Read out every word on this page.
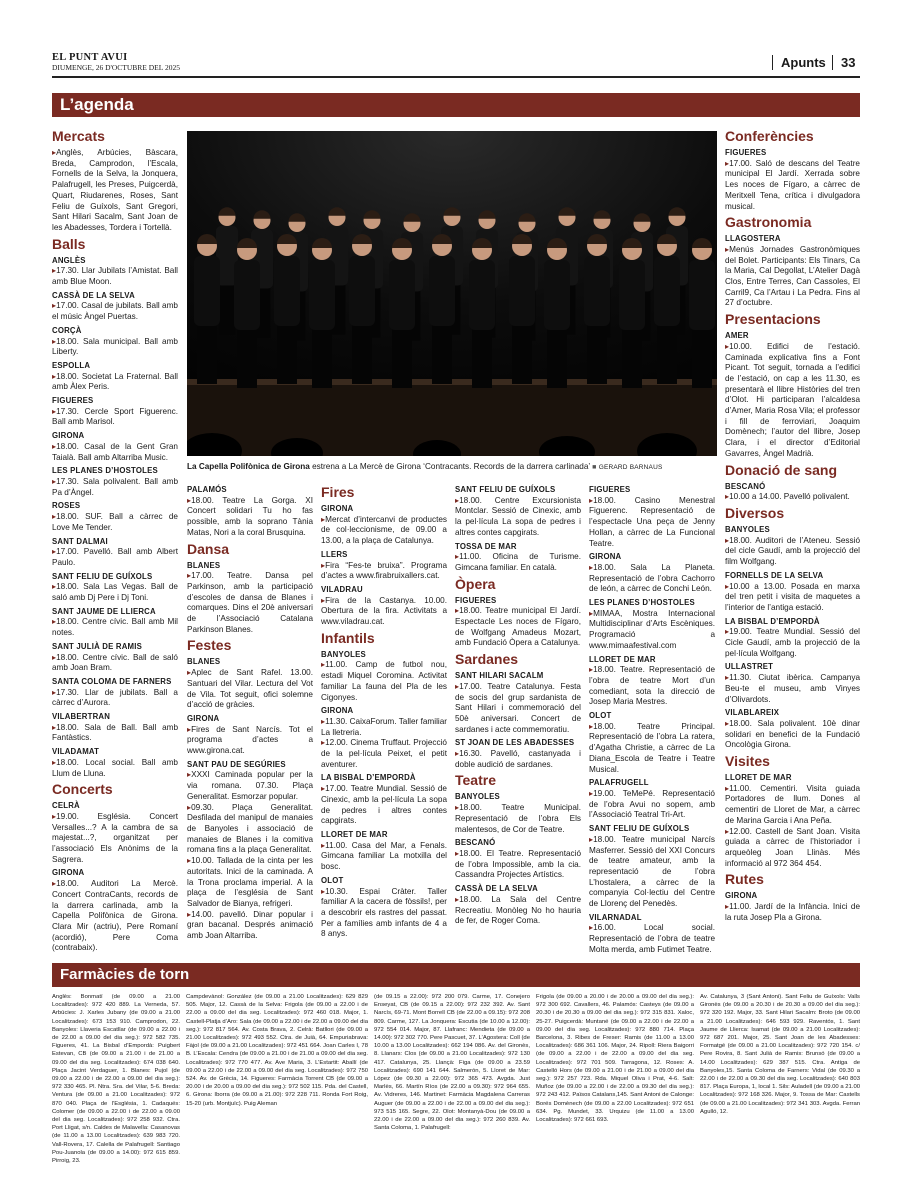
EL PUNT AVUI
DIUMENGE, 26 D'OCTUBRE DEL 2025	Apunts	33
L’agenda
La Capella Polifònica de Girona estrena a La Mercè de Girona ‘Contracants. Records de la darrera carlinada’ ■ GERARD BARNAUS
Mercats
▸ Anglès, Arbúcies, Bàscara, Breda, Camprodon, l’Escala, Fornells de la Selva, la Jonquera, Palafrugell, les Preses, Puigcerdà, Quart, Riudarenes, Roses, Sant Feliu de Guíxols, Sant Gregori, Sant Hilari Sacalm, Sant Joan de les Abadesses, Tordera i Tortellà.
Balls
ANGLÈS
▸ 17.30. Llar Jubilats l’Amistat. Ball amb Blue Moon.
CASSÀ DE LA SELVA
▸ 17.00. Casal de jubilats. Ball amb el músic Àngel Puertas.
CORÇÀ
▸ 18.00. Sala municipal. Ball amb Liberty.
ESPOLLA
▸ 18.00. Societat La Fraternal. Ball amb Àlex Peris.
FIGUERES
▸ 17.30. Cercle Sport Figuerenc. Ball amb Marisol.
GIRONA
▸ 18.00. Casal de la Gent Gran Taialà. Ball amb Altarriba Music.
LES PLANES D’HOSTOLES
▸ 17.30. Sala polivalent. Ball amb Pa d’Àngel.
ROSES
▸ 18.00. SUF. Ball a càrrec de Love Me Tender.
SANT DALMAI
▸ 17.00. Pavelló. Ball amb Albert Paulo.
SANT FELIU DE GUÍXOLS
▸ 18.00. Sala Las Vegas. Ball de saló amb Dj Pere i Dj Toni.
SANT JAUME DE LLIERCA
▸ 18.00. Centre cívic. Ball amb Mil notes.
SANT JULIÀ DE RAMIS
▸ 18.00. Centre cívic. Ball de saló amb Joan Bram.
SANTA COLOMA DE FARNERS
▸ 17.30. Llar de jubilats. Ball a càrrec d’Aurora.
VILABERTRAN
▸ 18.00. Sala de Ball. Ball amb Fantàstics.
VILADAMAT
▸ 18.00. Local social. Ball amb Llum de Lluna.
Concerts
CELRÀ
▸ 19.00. Església. Concert Versalles...? A la cambra de sa majestat...?, organitzat per l’associació Els Anònims de la Sagrera.
GIRONA
▸ 18.00. Auditori La Mercè. Concert ContraCants, records de la darrera carlinada, amb la Capella Polifònica de Girona. Clara Mir (actriu), Pere Romaní (acordió), Pere Coma (contrabaix).
PALAMÓS
▸ 18.00. Teatre La Gorga. XI Concert solidari Tu ho fas possible, amb la soprano Tània Matas, Nori a la coral Brusquina.
Dansa
BLANES
▸ 17.00. Teatre. Dansa pel Parkinson, amb la participació d’escoles de dansa de Blanes i comarques. Dins el 20è aniversari de l’Associació Catalana Parkinson Blanes.
Festes
BLANES
▸ Aplec de Sant Rafel. 13.00. Santuari del Vilar. Lectura del Vot de Vila. Tot seguit, ofici solemne d’acció de gràcies.
GIRONA
▸ Fires de Sant Narcís. Tot el programa d’actes a www.girona.cat.
SANT PAU DE SEGÚRIES
▸ XXXI Caminada popular per la via romana. 07.30. Plaça Generalitat. Esmorzar popular.
▸ 09.30. Plaça Generalitat. Desfilada del manipul de manaies de Banyoles i associació de manaies de Blanes i la comitiva romana fins a la plaça Generalitat.
▸ 10.00. Talladа de la cinta per les autoritats. Inici de la caminada. A la Trona proclama imperial. A la plaça de l’església de Sant Salvador de Bianya, refrigeri.
▸ 14.00. pavelló. Dinar popular i gran bacanal. Després animació amb Joan Altarriba.
Fires
GIRONA
▸ Mercat d’intercanvi de productes de col·leccionisme, de 09.00 a 13.00, a la plaça de Catalunya.
LLERS
▸ Fira “Fes-te bruixa”. Programa d’actes a www.firabruixallers.cat.
VILADRAU
▸ Fira de la Castanya. 10.00. Obertura de la fira. Activitats a www.viladrau.cat.
Infantils
BANYOLES
▸ 11.00. Camp de futbol nou, estadi Miquel Coromina. Activitat familiar La fauna del Pla de les Cigonyes.
GIRONA
▸ 11.30. CaixaForum. Taller familiar La lletreria.
▸ 12.00. Cinema Truffaut. Projecció de la pel·lícula Peixet, el petit aventurer.
LA BISBAL D’EMPORDÀ
▸ 17.00. Teatre Mundial. Sessió de Cinexic, amb la pel·lícula La sopa de pedres i altres contes capgirats.
LLORET DE MAR
▸ 11.00. Casa del Mar, a Fenals. Gimcana familiar La motxilla del bosc.
OLOT
▸ 10.30. Espai Cràter. Taller familiar A la cacera de fòssils!, per a descobrir els rastres del passat. Per a famílies amb infants de 4 a 8 anys.
SANT FELIU DE GUÍXOLS
▸ 18.00. Centre Excursionista Montclar. Sessió de Cinexic, amb la pel·lícula La sopa de pedres i altres contes capgirats.
TOSSA DE MAR
▸ 11.00. Oficina de Turisme. Gimcana familiar. En català.
Òpera
FIGUERES
▸ 18.00. Teatre municipal El Jardí. Espectacle Les noces de Fígaro, de Wolfgang Amadeus Mozart, amb Fundació Òpera a Catalunya.
Sardanes
SANT HILARI SACALM
▸ 17.00. Teatre Catalunya. Festa de socis del grup sardanista de Sant Hilari i commemoració del 50è aniversari. Concert de sardanes i acte commemoratiu.
ST JOAN DE LES ABADESSES
▸ 16.30. Pavelló, castanyada i doble audició de sardanes.
Teatre
BANYOLES
▸ 18.00. Teatre Municipal. Representació de l’obra Els malentesos, de Cor de Teatre.
BESCANÓ
▸ 18.00. El Teatre. Representació de l’obra Impossible, amb la cia. Cassandra Projectes Artístics.
CASSÀ DE LA SELVA
▸ 18.00. La Sala del Centre Recreatiu. Monòleg No ho hauria de fer, de Roger Coma.
FIGUERES
▸ 18.00. Casino Menestral Figuerenc. Representació de l’espectacle Una peça de Jenny Hollan, a càrrec de La Funcional Teatre.
GIRONA
▸ 18.00. Sala La Planeta. Representació de l’obra Cachorro de león, a càrrec de Conchi León.
LES PLANES D’HOSTOLES
▸ MIMAA, Mostra Internacional Multidisciplinar d’Arts Escèniques. Programació a www.mimaafestival.com
LLORET DE MAR
▸ 18.00. Teatre. Representació de l’obra de teatre Mort d’un comediant, sota la direcció de Josep Maria Mestres.
OLOT
▸ 18.00. Teatre Principal. Representació de l’obra La ratera, d’Agatha Christie, a càrrec de La Diana_Escola de Teatre i Teatre Musical.
PALAFRUGELL
▸ 19.00. TeMePé. Representació de l’obra Avui no sopem, amb l’Associació Teatral Tri-Art.
SANT FELIU DE GUÍXOLS
▸ 18.00. Teatre municipal Narcís Masferrer. Sessió del XXI Concurs de teatre amateur, amb la representació de l’obra L’hostalera, a càrrec de la companyia Col·lectiu del Centre de Llorenç del Penedès.
VILARNADAL
▸ 16.00. Local social. Representació de l’obra de teatre Molta merda, amb Futimet Teatre.
Conferències
FIGUERES
▸ 17.00. Saló de descans del Teatre municipal El Jardí. Xerrada sobre Les noces de Fígaro, a càrrec de Meritxell Tena, crítica i divulgadora musical.
Gastronomia
LLAGOSTERA
▸ Menús Jornades Gastronòmiques del Bolet. Participants: Els Tinars, Ca la Maria, Cal Degollat, L’Atelier Dagà Clos, Entre Terres, Can Cassoles, El Carril9, Ca l’Artau i La Pedra. Fins al 27 d’octubre.
Presentacions
AMER
▸ 10.00. Edifici de l’estació. Caminada explicativa fins a Font Picant. Tot seguit, tornada a l’edifici de l’estació, on cap a les 11.30, es presentarà el llibre Històries del tren d’Olot. Hi participaran l’alcaldesa d’Amer, Maria Rosa Vila; el professor i fill de ferroviari, Joaquim Domènech; l’autor del llibre, Josep Clara, i el director d’Editorial Gavarres, Àngel Madrià.
Donació de sang
BESCANÓ
▸ 10.00 a 14.00. Pavelló polivalent.
Diversos
BANYOLES
▸ 18.00. Auditori de l’Ateneu. Sessió del cicle Gaudí, amb la projecció del film Wolfgang.
FORNELLS DE LA SELVA
▸ 10.00 a 13.00. Posada en marxa del tren petit i visita de maquetes a l’interior de l’antiga estació.
LA BISBAL D’EMPORDÀ
▸ 19.00. Teatre Mundial. Sessió del Cicle Gaudí, amb la projecció de la pel·lícula Wolfgang.
ULLASTRET
▸ 11.30. Ciutat ibèrica. Campanya Beu-te el museu, amb Vinyes d’Olivardots.
VILABLAREIX
▸ 18.00. Sala polivalent. 10è dinar solidari en benefici de la Fundació Oncològia Girona.
Visites
LLORET DE MAR
▸ 11.00. Cementiri. Visita guiada Portadores de llum. Dones al cementiri de Lloret de Mar, a càrrec de Marina Garcia i Ana Peña.
▸ 12.00. Castell de Sant Joan. Visita guiada a càrrec de l’historiador i arqueòleg Joan Llinàs. Més informació al 972 364 454.
Rutes
GIRONA
▸ 11.00. Jardí de la Infància. Inici de la ruta Josep Pla a Girona.
Farmàcies de torn
Anglès: Bonmatí (de 09.00 a 21.00 Localitzades): 972 420 889. La Verneda, 57. Arbúcies: J. Xarles Jubany (de 09.00 a 21.00 Localitzades): 673 153 910. Camprodon, 22. Banyoles: Llaveria Escatllar (de 09.00 a 22.00 i de 22.00 a 09.00 del dia seg.): 972 582 735. Figueres, 41. La Bisbal d’Empordà: Puigbert Estevan, CB (de 09.00 a 21.00 i de 21.00 a 09.00 del dia seg. Localitzades): 674 038 640. Plaça Jacint Verdaguer, 1. Blanes: Pujol (de 09.00 a 22.00 i de 22.00 a 09.00 del dia seg.): 972 330 465. Pl. Ntra. Sra. del Vilar, 5-6. Breda: Ventura (de 09.00 a 21.00 Localitzades): 972 870 040. Plaça de l’Església, 1. Cadaqués: Colomer (de 09.00 a 22.00 i de 22.00 a 09.00 del dia seg. Localitzades): 972 258 932. Ctra. Port Lligat, s/n. Caldes de Malavella: Casanovas (de 11.00 a 13.00 Localitzades): 639 983 720. Vall-Rovera, 17. Calella de Palafrugell: Santiago Pou-Juanola (de 09.00 a 14.00): 972 615 859. Pirroig, 23.
Campdevànol: González (de 09.00 a 21.00 Localitzades): 629 829 505. Major, 12. Cassà de la Selva: Frigola (de 09.00 a 22.00 i de 22.00 a 09.00 del dia seg. Localitzades): 972 460 018. Major, 1. Castell-Platja d’Aro: Sala (de 09.00 a 22.00 i de 22.00 a 09.00 del dia seg.): 972 817 564. Av. Costa Brava, 2. Celrà: Batllori (de 09.00 a 21.00 Localitzades): 972 493 552. Ctra. de Juià, 64. Empuriabrava: Fàjol (de 09.00 a 21.00 Localitzades): 972 451 664. Joan Carles I, 78 B. L’Escala: Cendra (de 09.00 a 21.00 i de 21.00 a 09.00 del dia seg. Localitzades): 972 770 477. Av. Ave Maria, 3. L’Estartit: Aballí (de 09.00 a 22.00 i de 22.00 a 09.00 del dia seg. Localitzades): 972 750 524. Av. de Grècia, 14. Figueres: Farmàcia Torrent CB (de 09.00 a 20.00 i de 20.00 a 09.00 del dia seg.): 972 502 115. Pda. del Castell, 6. Girona: Iborra (de 09.00 a 21.00): 972 228 711. Ronda Fort Roig, 15-20 (urb. Montjuïc). Puig Aleman
(de 09.15 a 22.00): 972 200 079. Carme, 17. Conejero Enseyat, CB (de 09.15 a 22.00): 972 232 392. Av. Sant Narcís, 69-71. Mont Borrell CB (de 22.00 a 09.15): 972 208 809. Carme, 127. La Jonquera: Escutia (de 10.00 a 12.00): 972 554 014. Major, 87. Llafranc: Mendieta (de 09.00 a 14.00): 972 302 770. Pere Pascuet, 37. L’Agostera: Coll (de 10.00 a 13.00 Localitzades): 662 194 086. Av. del Gironès, 8. Llanars: Clos (de 09.00 a 21.00 Localitzades): 972 130 417. Catalunya, 25. Llançà: Figa (de 09.00 a 23.59 Localitzades): 690 141 644. Salmerón, 5. Lloret de Mar: López (de 09.30 a 22.00): 972 365 473. Avgda. Just Marlès, 66. Martín Ríos (de 22.00 a 09.30): 972 964 655. Av. Vidreres, 146. Martinet: Farmàcia Magdalena Carreras Auguer (de 09.00 a 22.00 i de 22.00 a 09.00 del dia seg.): 973 515 165. Segre, 22. Olot: Montanyà-Dou (de 09.00 a 22.00 i de 22.00 a 09.00 del dia seg.): 972 260 839. Av. Santa Coloma, 1. Palafrugell:
Frigola (de 09.00 a 20.00 i de 20.00 a 09.00 del dia seg.): 972 300 692. Cavallers, 46. Palamós: Casteys (de 09.00 a 20.30 i de 20.30 a 09.00 del dia seg.): 972 315 831. Xaloc, 25-27. Puigcerdà: Muntané (de 09.00 a 22.00 i de 22.00 a 09.00 del dia seg. Localitzades): 972 880 714. Plaça Barcelona, 3. Ribes de Freser: Ramis (de 11.00 a 13.00 Localitzades): 686 361 106. Major, 24. Ripoll: Riera Baigorri (de 09.00 a 22.00 i de 22.00 a 09.00 del dia seg. Localitzades): 972 701 509. Tarragona, 12. Roses: A. Castelló Hors (de 09.00 a 21.00 i de 21.00 a 09.00 del dia seg.): 972 257 723. Rda. Miquel Oliva i Prat, 4-6. Salt: Muñoz (de 09.00 a 22.00 i de 22.00 a 09.30 del dia seg.): 972 243 412. Països Catalans,145. Sant Antoni de Calonge: Borés Domènech (de 09.00 a 22.00 Localitzades): 972 651 634. Pg. Mundet, 33. Urquizu (de 11.00 a 13.00 Localitzades): 972 661 693.
Av. Catalunya, 3 (Sant Antoni). Sant Feliu de Guíxols: Valls Gironès (de 09.00 a 20.30 i de 20.30 a 09.00 del dia seg.): 972 320 192. Major, 33. Sant Hilari Sacalm: Broto (de 09.00 a 21.00 Localitzades): 646 593 929. Raventós, 1. Sant Jaume de Llierca: Isamat (de 09.00 a 21.00 Localitzades): 972 687 201. Major, 25. Sant Joan de les Abadesses: Formatgé (de 09.00 a 21.00 Localitzades): 972 720 154. c/ Pere Rovira, 8. Sant Julià de Ramis: Brunsó (de 09.00 a 14.00 Localitzades): 629 387 515. Ctra. Antiga de Banyoles,15. Santa Coloma de Farners: Vidal (de 09.30 a 22.00 i de 22.00 a 09.30 del dia seg. Localitzades): 640 803 817. Plaça Europa, 1, local 1. Sils: Auladell (de 09.00 a 21.00 Localitzades): 972 168 326. Major, 9. Tossa de Mar: Castells (de 09.00 a 21.00 Localitzades): 972 341 303. Avgda. Ferran Agulló, 12.
